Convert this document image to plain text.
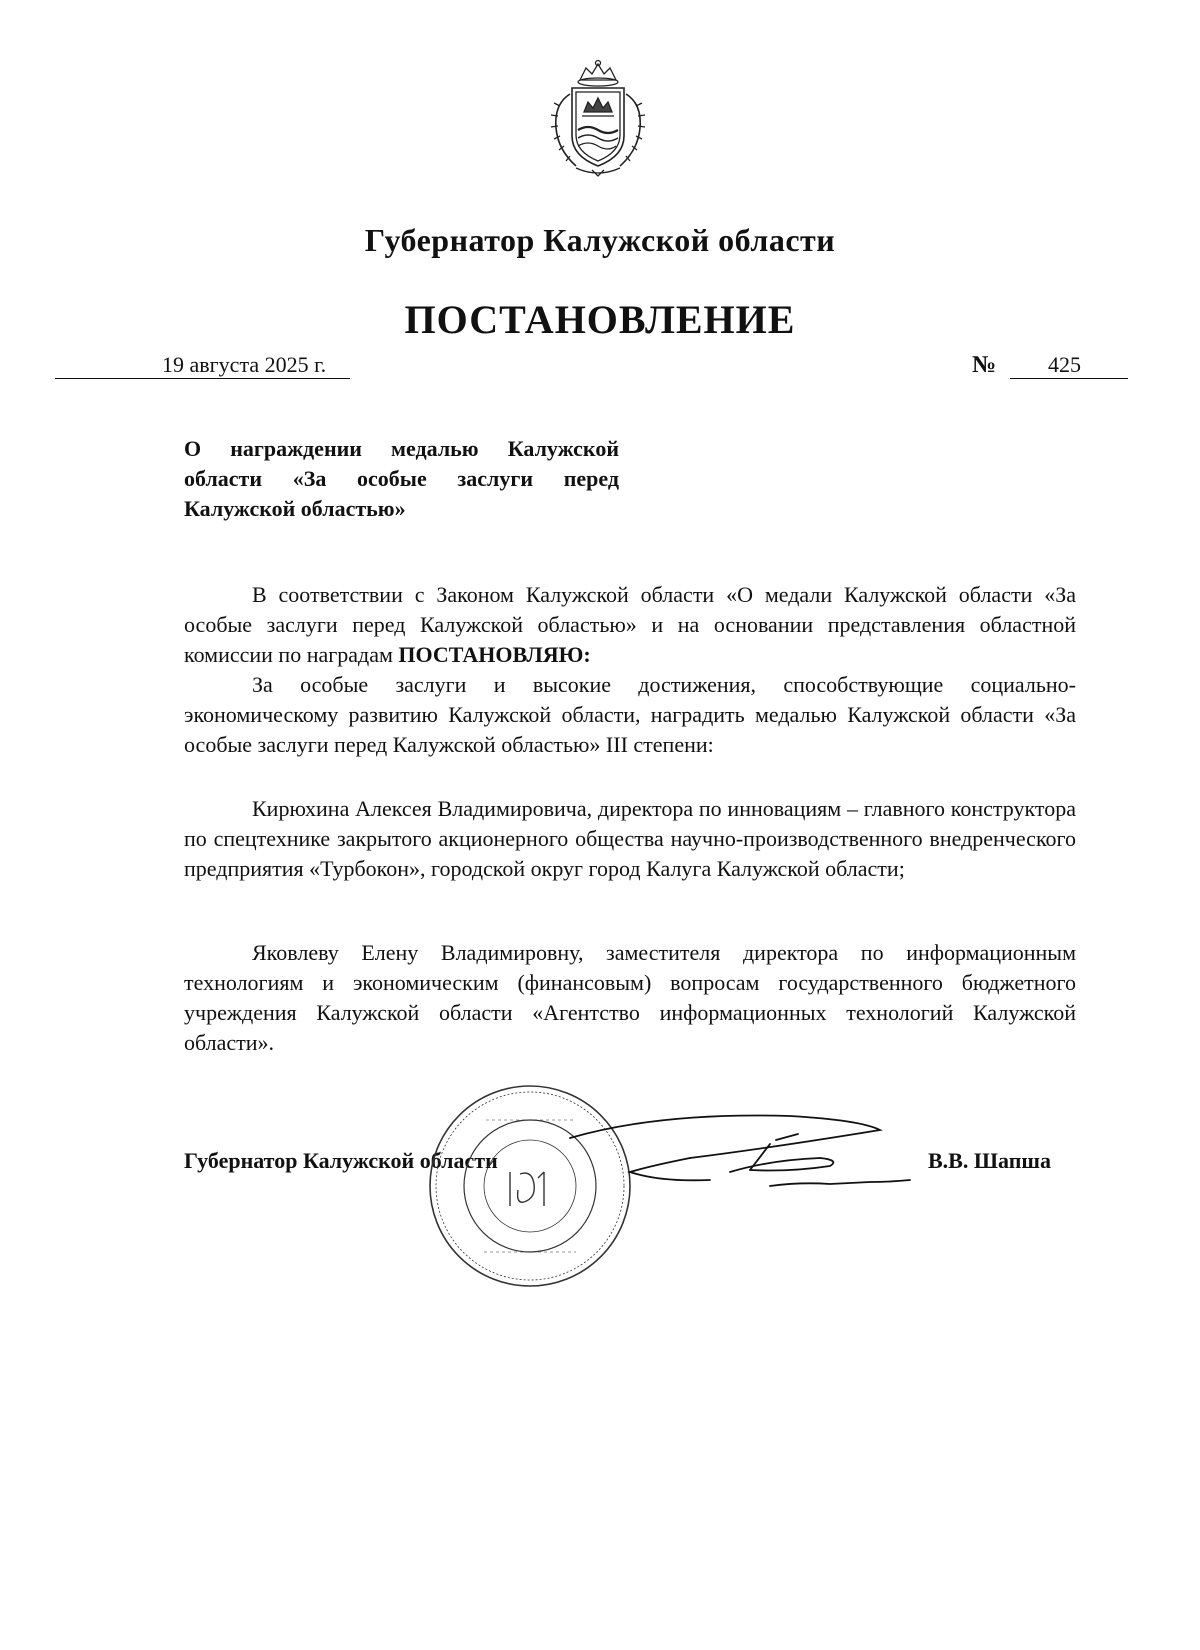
Губернатор Калужской области
ПОСТАНОВЛЕНИЕ
19 августа 2025 г.	№ 425
О награждении медалью Калужской области «За особые заслуги перед Калужской областью»

В соответствии с Законом Калужской области «О медали Калужской области «За особые заслуги перед Калужской областью» и на основании представления областной комиссии по наградам ПОСТАНОВЛЯЮ:

За особые заслуги и высокие достижения, способствующие социально-экономическому развитию Калужской области, наградить медалью Калужской области «За особые заслуги перед Калужской областью» III степени:

Кирюхина Алексея Владимировича, директора по инновациям – главного конструктора по спецтехнике закрытого акционерного общества научно-производственного внедренческого предприятия «Турбокон», городской округ город Калуга Калужской области;

Яковлеву Елену Владимировну, заместителя директора по информационным технологиям и экономическим (финансовым) вопросам государственного бюджетного учреждения Калужской области «Агентство информационных технологий Калужской области».

Губернатор Калужской области	В.В. Шапша
